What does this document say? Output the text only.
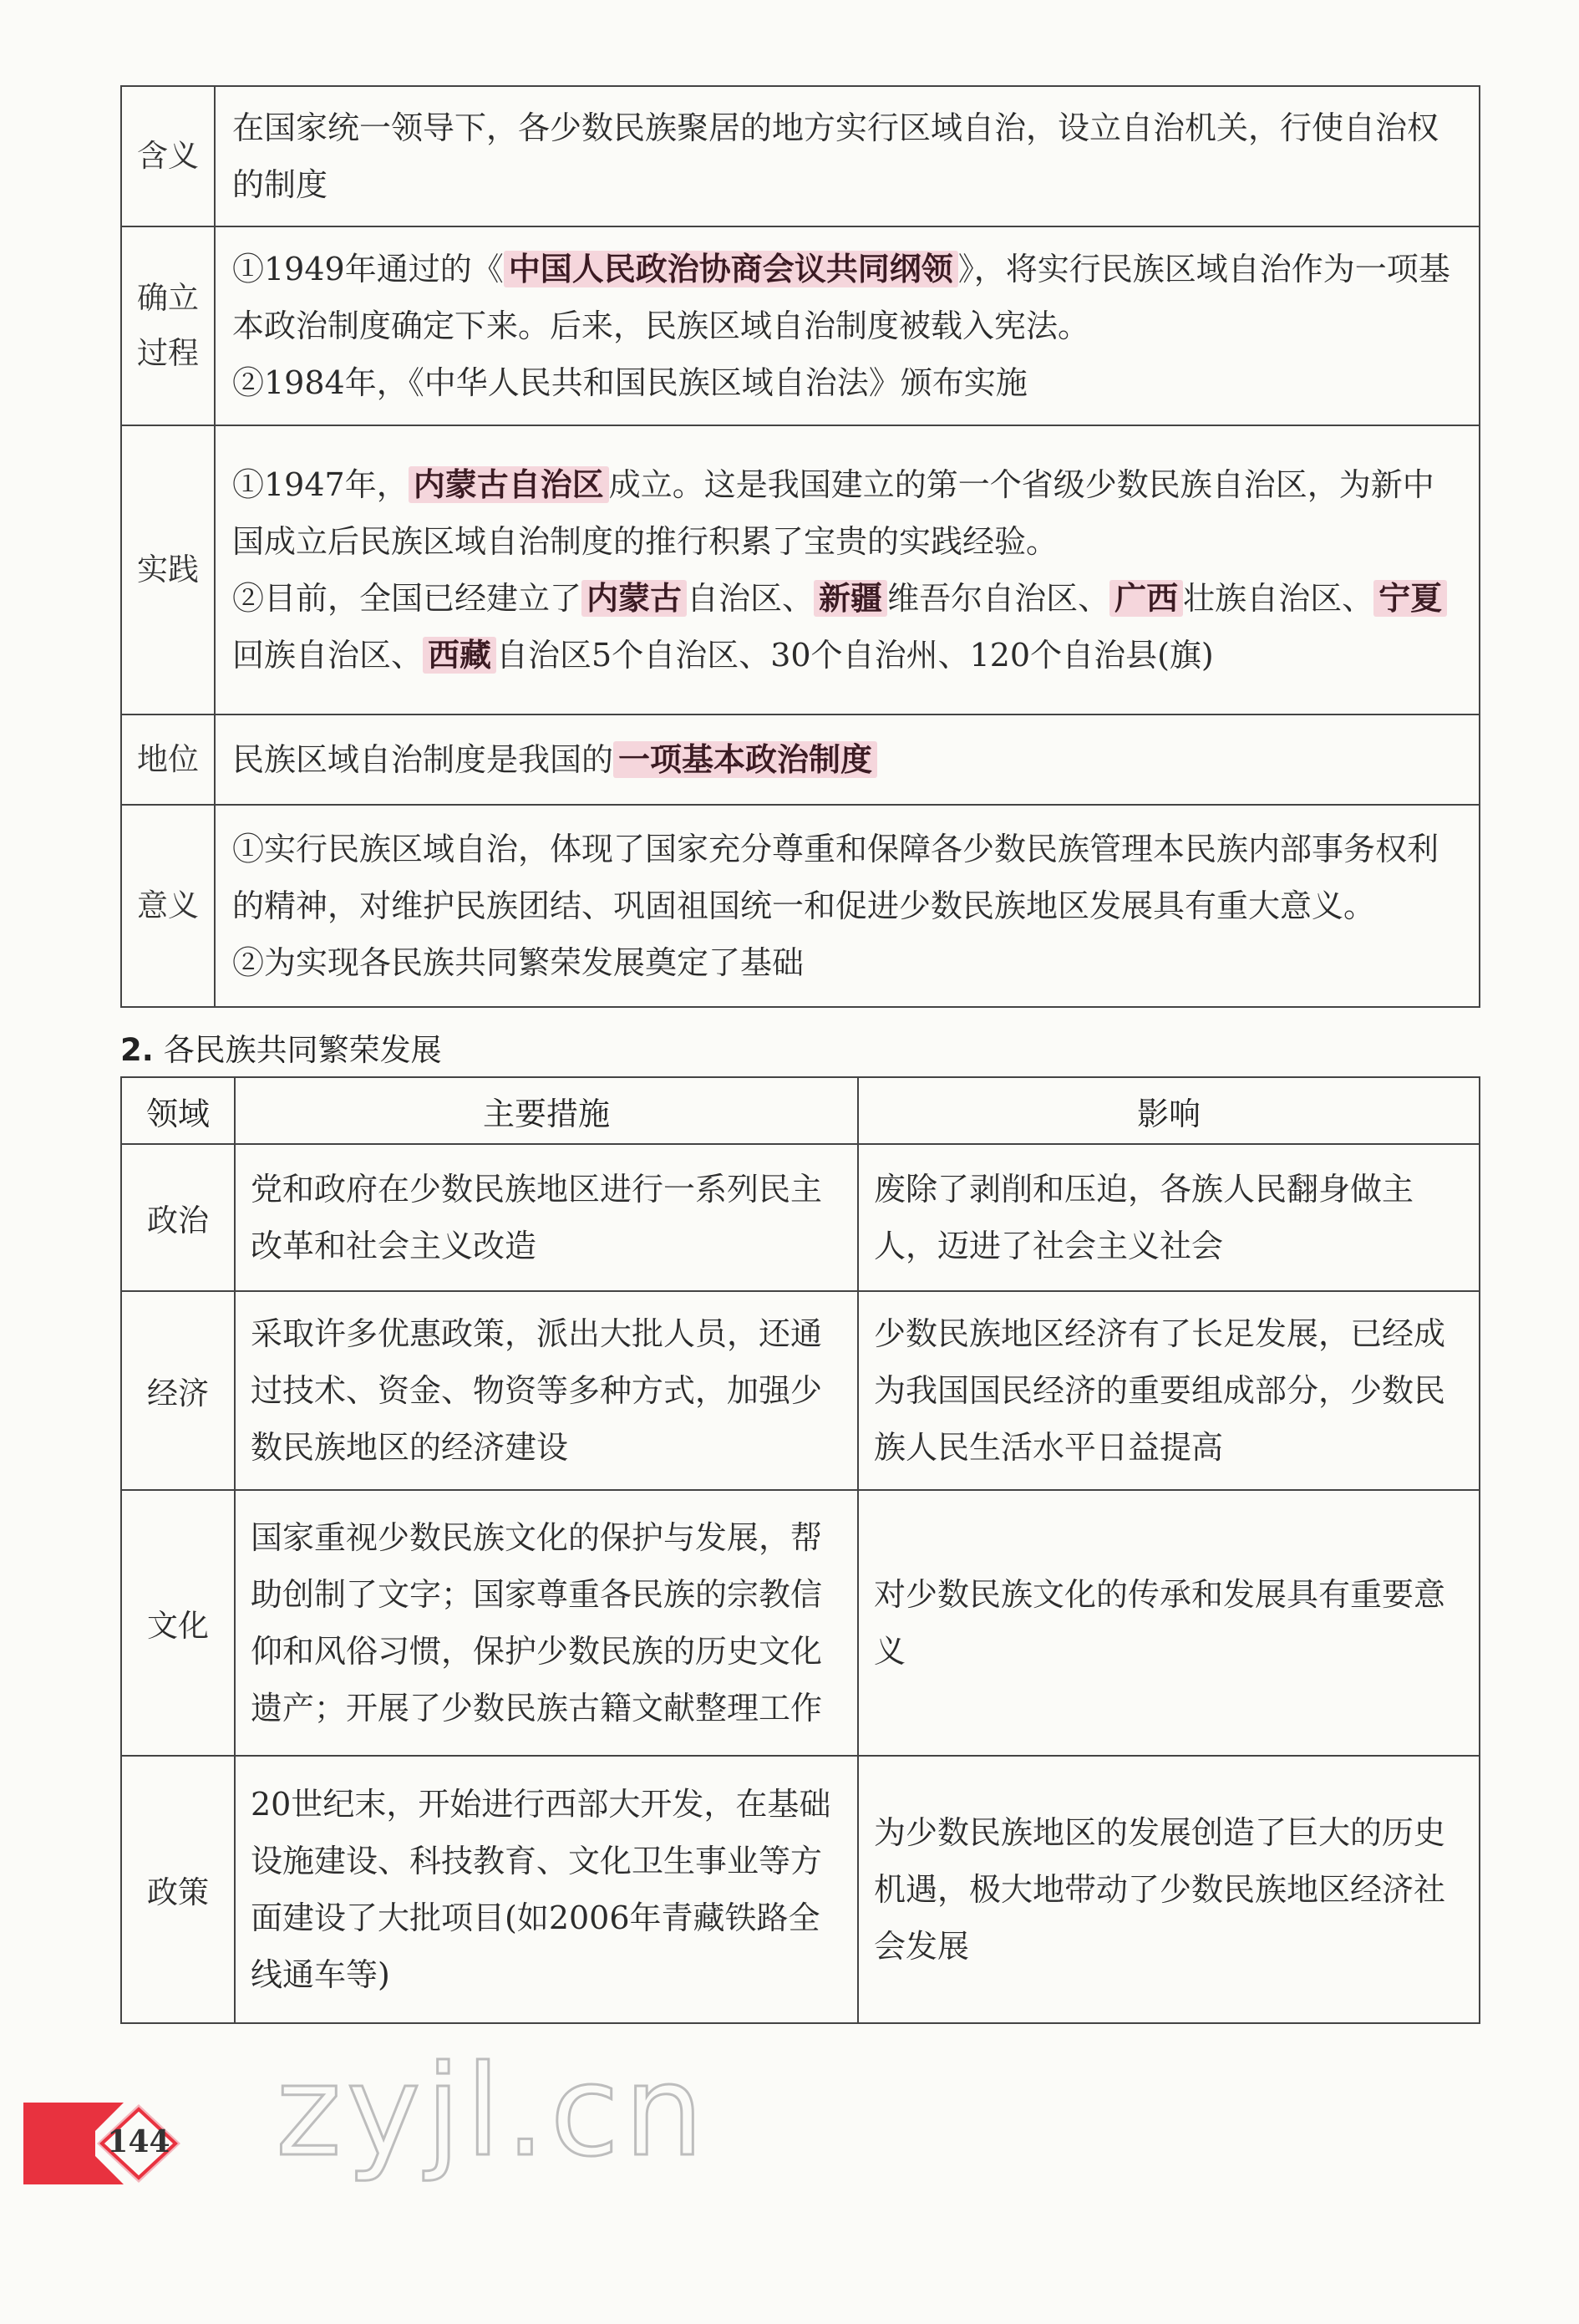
含义	在国家统一领导下，各少数民族聚居的地方实行区域自治，设立自治机关，行使自治权的制度

确立过程	①1949年通过的《 中国人民政治协商会议共同纲领 》，将实行民族区域自治作为一项基本政治制度确定下来。后来，民族区域自治制度被载入宪法。
②1984年，《中华人民共和国民族区域自治法》颁布实施

实践	①1947年， 内蒙古自治区 成立。这是我国建立的第一个省级少数民族自治区，为新中国成立后民族区域自治制度的推行积累了宝贵的实践经验。
②目前，全国已经建立了 内蒙古 自治区、 新疆 维吾尔自治区、 广西 壮族自治区、 宁夏回族自治区、 西藏 自治区5个自治区、30个自治州、120个自治县(旗)

地位	民族区域自治制度是我国的 一项基本政治制度

意义	①实行民族区域自治，体现了国家充分尊重和保障各少数民族管理本民族内部事务权利的精神，对维护民族团结、巩固祖国统一和促进少数民族地区发展具有重大意义。
②为实现各民族共同繁荣发展奠定了基础
2. 各民族共同繁荣发展
领域	主要措施	影响
政治	党和政府在少数民族地区进行一系列民主改革和社会主义改造	废除了剥削和压迫，各族人民翻身做主人，迈进了社会主义社会
经济	采取许多优惠政策，派出大批人员，还通过技术、资金、物资等多种方式，加强少数民族地区的经济建设	少数民族地区经济有了长足发展，已经成为我国国民经济的重要组成部分，少数民族人民生活水平日益提高
文化	国家重视少数民族文化的保护与发展，帮助创制了文字；国家尊重各民族的宗教信仰和风俗习惯，保护少数民族的历史文化遗产；开展了少数民族古籍文献整理工作	对少数民族文化的传承和发展具有重要意义
政策	20世纪末，开始进行西部大开发，在基础设施建设、科技教育、文化卫生事业等方面建设了大批项目(如2006年青藏铁路全线通车等)	为少数民族地区的发展创造了巨大的历史机遇，极大地带动了少数民族地区经济社会发展
zyjl.cn
144
